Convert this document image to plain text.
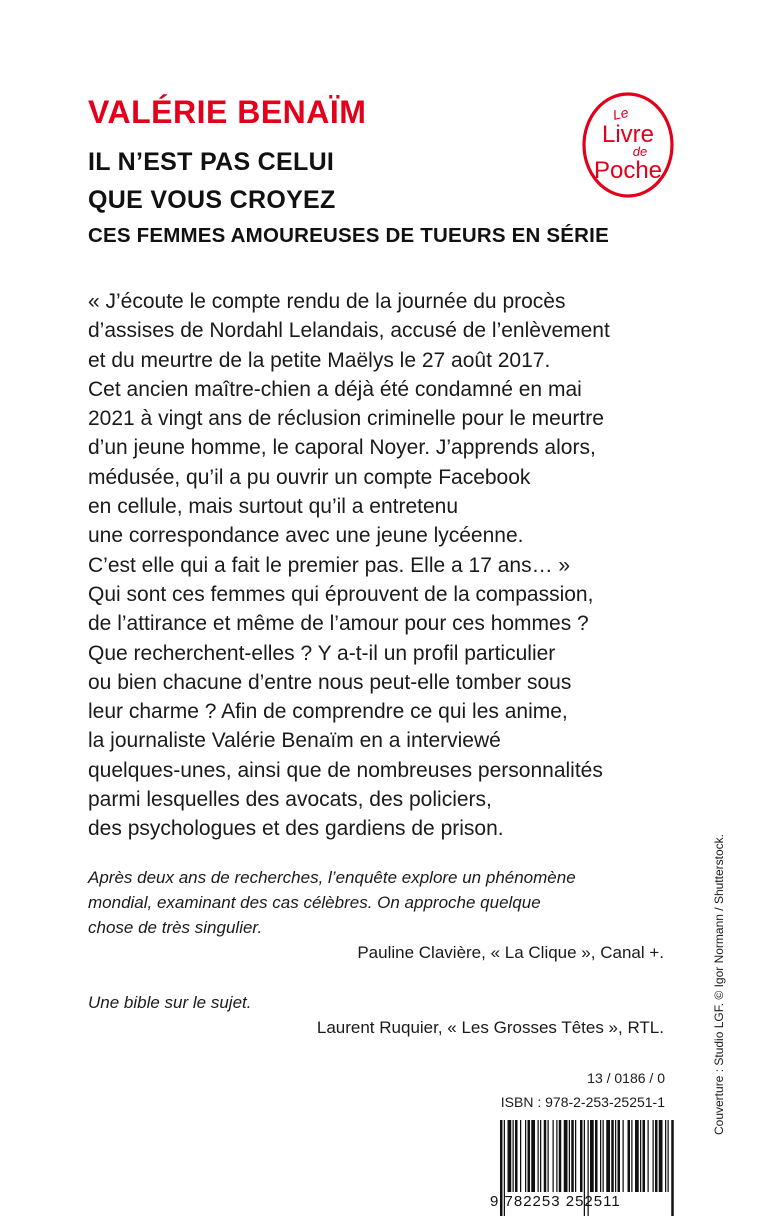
VALÉRIE BENAÏM
IL N’EST PAS CELUI
QUE VOUS CROYEZ
CES FEMMES AMOUREUSES DE TUEURS EN SÉRIE
Le
Livre
de
Poche
« J’écoute le compte rendu de la journée du procès
d’assises de Nordahl Lelandais, accusé de l’enlèvement
et du meurtre de la petite Maëlys le 27 août 2017.
Cet ancien maître-chien a déjà été condamné en mai
2021 à vingt ans de réclusion criminelle pour le meurtre
d’un jeune homme, le caporal Noyer. J’apprends alors,
médusée, qu’il a pu ouvrir un compte Facebook
en cellule, mais surtout qu’il a entretenu
une correspondance avec une jeune lycéenne.
C’est elle qui a fait le premier pas. Elle a 17 ans… »
Qui sont ces femmes qui éprouvent de la compassion,
de l’attirance et même de l’amour pour ces hommes ?
Que recherchent-elles ? Y a-t-il un profil particulier
ou bien chacune d’entre nous peut-elle tomber sous
leur charme ? Afin de comprendre ce qui les anime,
la journaliste Valérie Benaïm en a interviewé
quelques-unes, ainsi que de nombreuses personnalités
parmi lesquelles des avocats, des policiers,
des psychologues et des gardiens de prison.
Après deux ans de recherches, l’enquête explore un phénomène
mondial, examinant des cas célèbres. On approche quelque
chose de très singulier.
Pauline Clavière, « La Clique », Canal +.
Une bible sur le sujet.
Laurent Ruquier, « Les Grosses Têtes », RTL.
13 / 0186 / 0
ISBN : 978-2-253-25251-1
9 782253 252511
Couverture : Studio LGF. © Igor Normann / Shutterstock.
